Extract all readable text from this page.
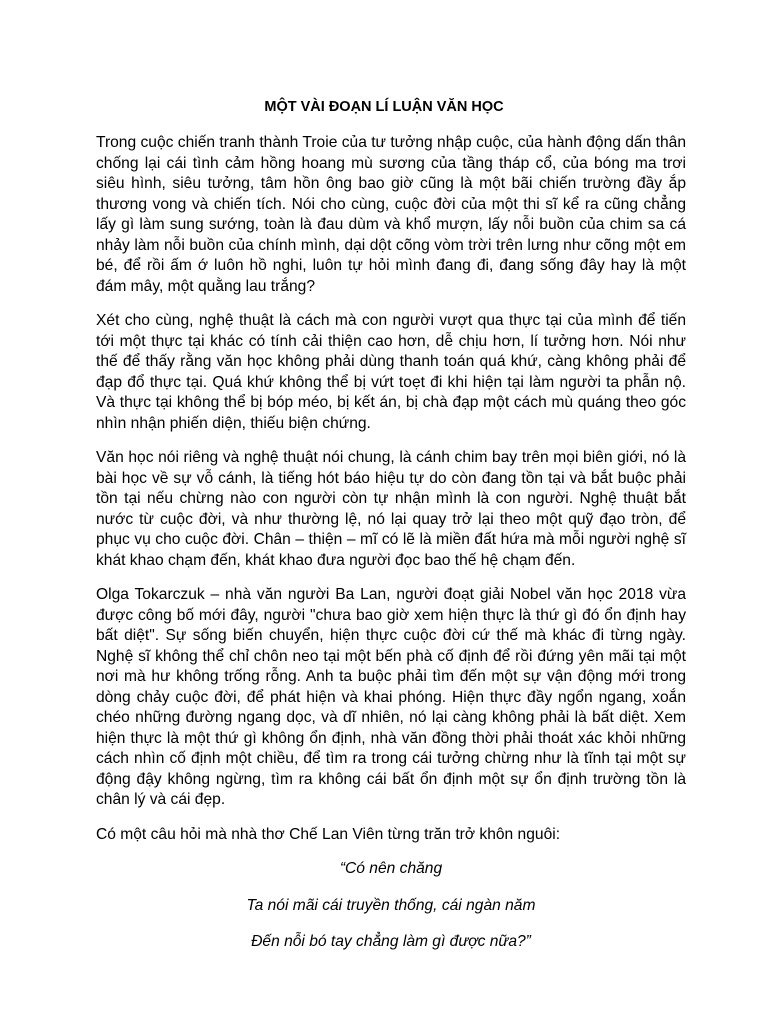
MỘT VÀI ĐOẠN LÍ LUẬN VĂN HỌC

Trong cuộc chiến tranh thành Troie của tư tưởng nhập cuộc, của hành động dấn thân chống lại cái tình cảm hồng hoang mù sương của tầng tháp cổ, của bóng ma trơi siêu hình, siêu tưởng, tâm hồn ông bao giờ cũng là một bãi chiến trường đầy ắp thương vong và chiến tích. Nói cho cùng, cuộc đời của một thi sĩ kể ra cũng chẳng lấy gì làm sung sướng, toàn là đau dùm và khổ mượn, lấy nỗi buồn của chim sa cá nhảy làm nỗi buồn của chính mình, dại dột cõng vòm trời trên lưng như cõng một em bé, để rồi ấm ớ luôn hồ nghi, luôn tự hỏi mình đang đi, đang sống đây hay là một đám mây, một quằng lau trắng?

Xét cho cùng, nghệ thuật là cách mà con người vượt qua thực tại của mình để tiến tới một thực tại khác có tính cải thiện cao hơn, dễ chịu hơn, lí tưởng hơn. Nói như thế để thấy rằng văn học không phải dùng thanh toán quá khứ, càng không phải để đạp đổ thực tại. Quá khứ không thể bị vứt toẹt đi khi hiện tại làm người ta phẫn nộ. Và thực tại không thể bị bóp méo, bị kết án, bị chà đạp một cách mù quáng theo góc nhìn nhận phiến diện, thiếu biện chứng.

Văn học nói riêng và nghệ thuật nói chung, là cánh chim bay trên mọi biên giới, nó là bài học về sự vỗ cánh, là tiếng hót báo hiệu tự do còn đang tồn tại và bắt buộc phải tồn tại nếu chừng nào con người còn tự nhận mình là con người. Nghệ thuật bắt nước từ cuộc đời, và như thường lệ, nó lại quay trở lại theo một quỹ đạo tròn, để phục vụ cho cuộc đời. Chân – thiện – mĩ có lẽ là miền đất hứa mà mỗi người nghệ sĩ khát khao chạm đến, khát khao đưa người đọc bao thế hệ chạm đến.

Olga Tokarczuk – nhà văn người Ba Lan, người đoạt giải Nobel văn học 2018 vừa được công bố mới đây, người "chưa bao giờ xem hiện thực là thứ gì đó ổn định hay bất diệt". Sự sống biến chuyển, hiện thực cuộc đời cứ thế mà khác đi từng ngày. Nghệ sĩ không thể chỉ chôn neo tại một bến phà cố định để rồi đứng yên mãi tại một nơi mà hư không trống rỗng. Anh ta buộc phải tìm đến một sự vận động mới trong dòng chảy cuộc đời, để phát hiện và khai phóng. Hiện thực đầy ngổn ngang, xoắn chéo những đường ngang dọc, và dĩ nhiên, nó lại càng không phải là bất diệt. Xem hiện thực là một thứ gì không ổn định, nhà văn đồng thời phải thoát xác khỏi những cách nhìn cố định một chiều, để tìm ra trong cái tưởng chừng như là tĩnh tại một sự động đậy không ngừng, tìm ra không cái bất ổn định một sự ổn định trường tồn là chân lý và cái đẹp.

Có một câu hỏi mà nhà thơ Chế Lan Viên từng trăn trở khôn nguôi:

“Có nên chăng

Ta nói mãi cái truyền thống, cái ngàn năm

Đến nỗi bó tay chẳng làm gì được nữa?”
